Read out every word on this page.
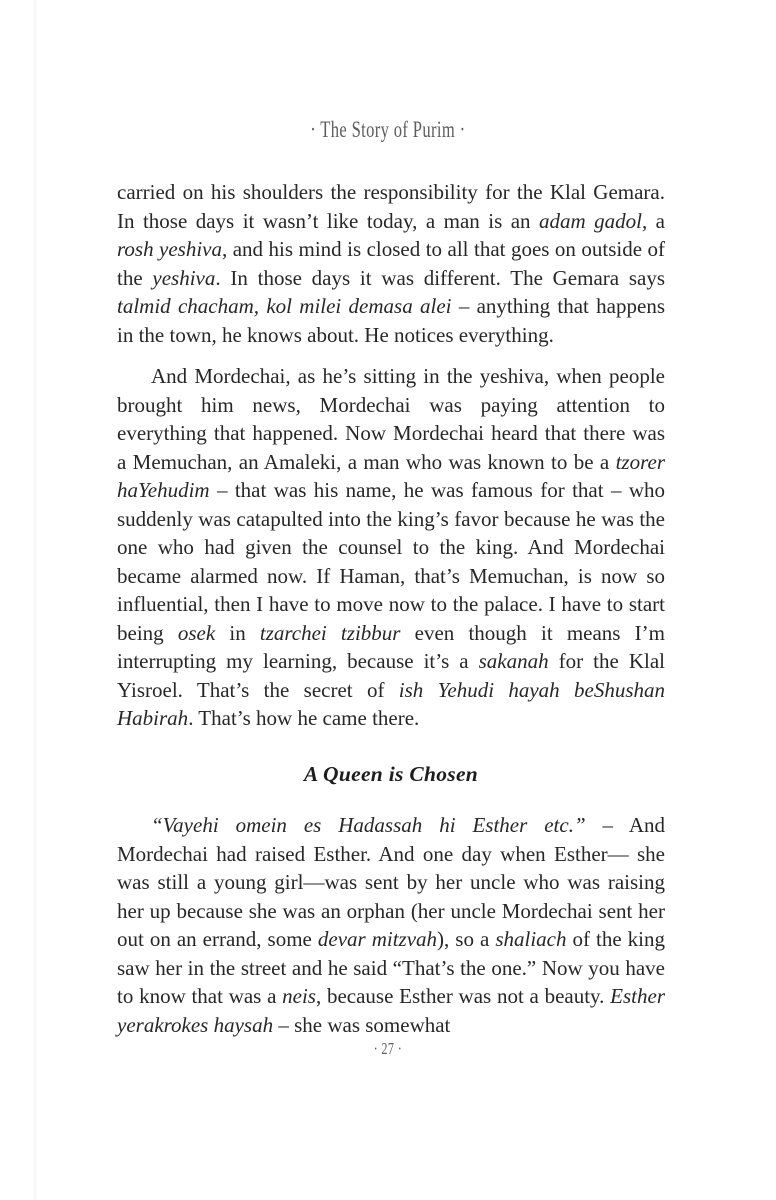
· The Story of Purim ·

carried on his shoulders the responsibility for the Klal Gemara. In those days it wasn’t like today, a man is an adam gadol, a rosh yeshiva, and his mind is closed to all that goes on outside of the yeshiva. In those days it was different. The Gemara says talmid chacham, kol milei demasa alei – anything that happens in the town, he knows about. He notices everything.

And Mordechai, as he’s sitting in the yeshiva, when people brought him news, Mordechai was paying attention to everything that happened. Now Mordechai heard that there was a Memuchan, an Amaleki, a man who was known to be a tzorer haYehudim – that was his name, he was famous for that – who suddenly was catapulted into the king’s favor because he was the one who had given the counsel to the king. And Mordechai became alarmed now. If Haman, that’s Memuchan, is now so influential, then I have to move now to the palace. I have to start being osek in tzarchei tzibbur even though it means I’m interrupting my learning, because it’s a sakanah for the Klal Yisroel. That’s the secret of ish Yehudi hayah beShushan Habirah. That’s how he came there.

A Queen is Chosen

“Vayehi omein es Hadassah hi Esther etc.” – And Mordechai had raised Esther. And one day when Esther— she was still a young girl—was sent by her uncle who was raising her up because she was an orphan (her uncle Mordechai sent her out on an errand, some devar mitzvah), so a shaliach of the king saw her in the street and he said “That’s the one.” Now you have to know that was a neis, because Esther was not a beauty. Esther yerakrokes haysah – she was somewhat

· 27 ·
